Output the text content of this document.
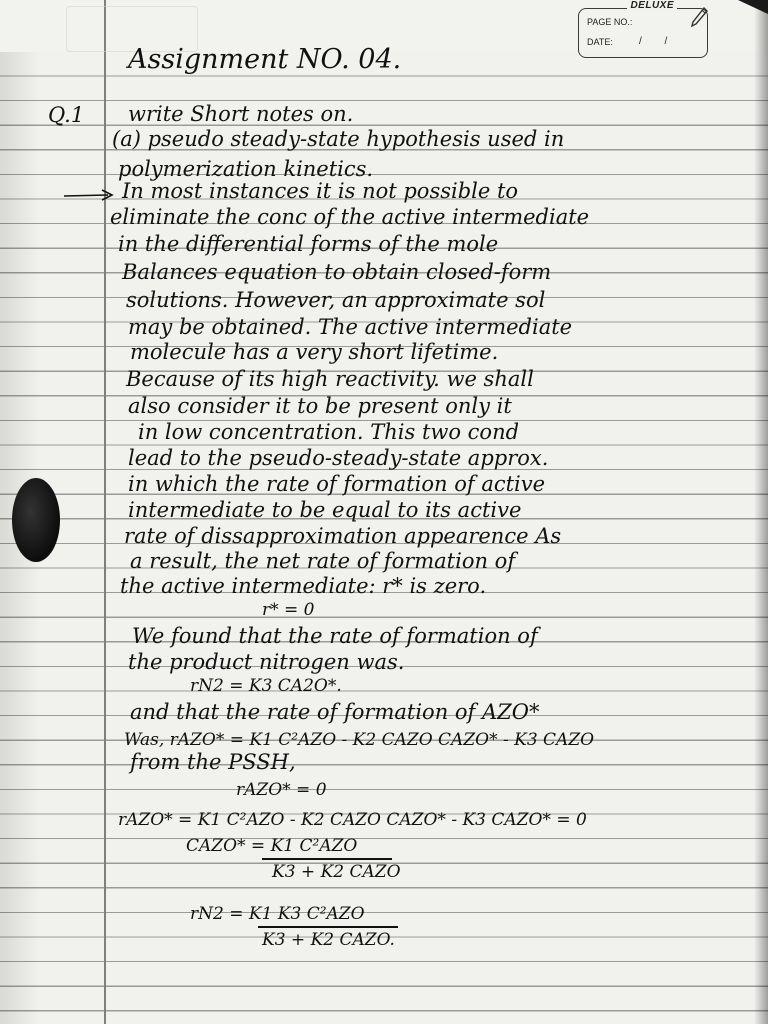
DELUXE
PAGE NO.:
DATE:	/ /
Assignment NO. 04.
Q.1 write Short notes on.
(a) pseudo steady-state hypothesis used in
polymerization kinetics.
In most instances it is not possible to
eliminate the conc of the active intermediate
in the differential forms of the mole
Balances equation to obtain closed-form
solutions. However, an approximate sol
may be obtained. The active intermediate
molecule has a very short lifetime.
Because of its high reactivity. we shall
also consider it to be present only it
in low concentration. This two cond
lead to the pseudo-steady-state approx.
in which the rate of formation of active
intermediate to be equal to its active
rate of dissapproximation appearence As
a result, the net rate of formation of
the active intermediate: r* is zero.
r* = 0
We found that the rate of formation of
the product nitrogen was.
rN2 = K3 CA2O*.
and that the rate of formation of AZO*
Was, rAZO* = K1 C²AZO - K2 CAZO CAZO* - K3 CAZO
from the PSSH,
rAZO* = 0
rAZO* = K1 C²AZO - K2 CAZO CAZO* - K3 CAZO* = 0
CAZO* = K1 C²AZO
K3 + K2 CAZO
rN2 = K1 K3 C²AZO
K3 + K2 CAZO.
